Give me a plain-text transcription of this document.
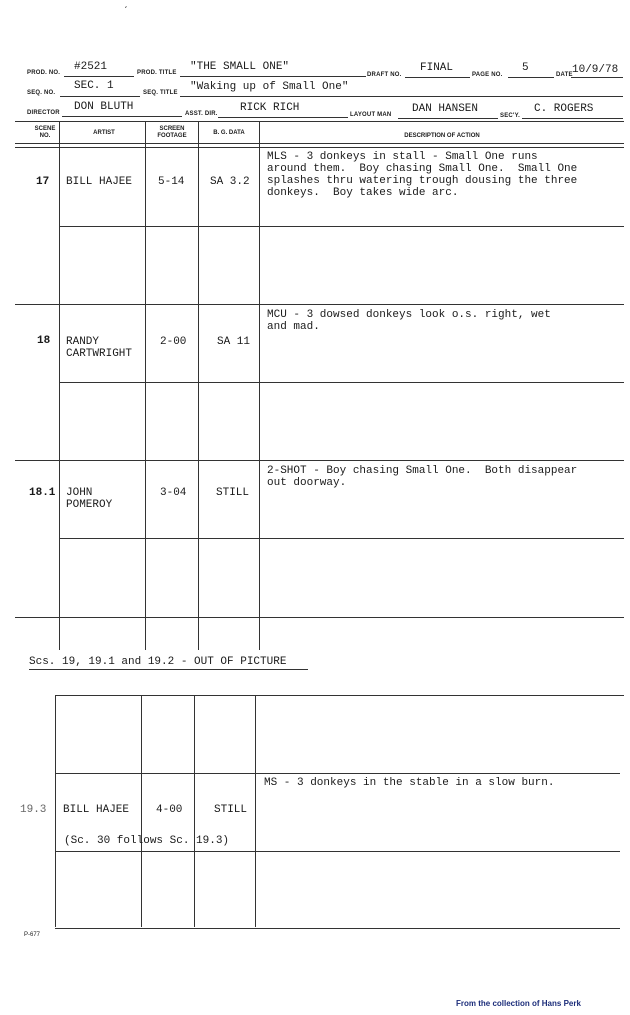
ˏ
PROD. NO. #2521	PROD. TITLE "THE SMALL ONE"
DRAFT NO.
FINAL
PAGE NO.
5
DATE 10/9/78
SEQ. NO.
SEC. 1
SEQ. TITLE "Waking up of Small One"
DIRECTOR DON BLUTH
ASST. DIR. RICK RICH
LAYOUT MAN DAN HANSEN
SEC'Y.
C. ROGERS
SCENE
NO.	ARTIST
SCREEN
FOOTAGE	B. G. DATA	DESCRIPTION OF ACTION
17 BILL HAJEE 5-14 SA 3.2
MLS - 3 donkeys in stall - Small One runs
around them.  Boy chasing Small One.  Small One
splashes thru watering trough dousing the three
donkeys.  Boy takes wide arc.
18 RANDY
CARTWRIGHT
2-00	SA 11
MCU - 3 dowsed donkeys look o.s. right, wet
and mad.
18.1 JOHN
POMEROY
3-04	STILL
2-SHOT - Boy chasing Small One.  Both disappear
out doorway.
Scs. 19, 19.1 and 19.2 - OUT OF PICTURE
19.3 BILL HAJEE 4-00	STILL
MS - 3 donkeys in the stable in a slow burn.
(Sc. 30 follows Sc. 19.3)
P-677
From the collection of Hans Perk
